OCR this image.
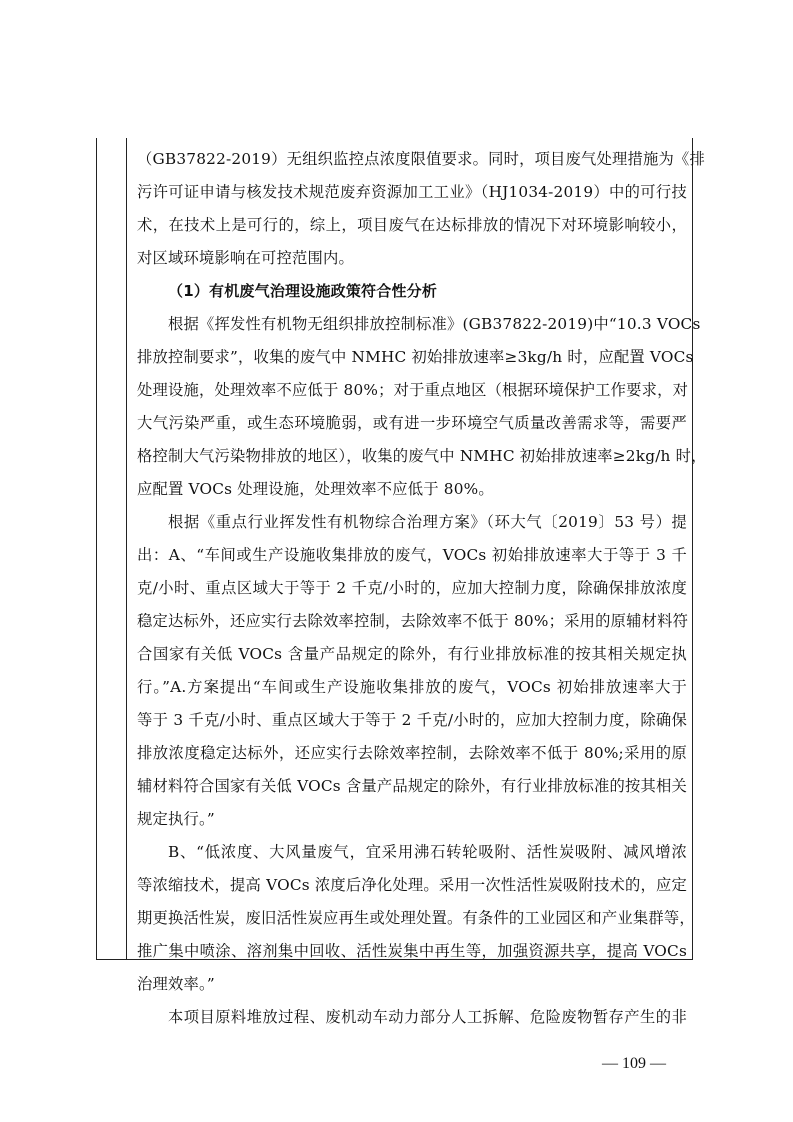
（GB37822-2019）无组织监控点浓度限值要求。同时，项目废气处理措施为《排
污许可证申请与核发技术规范废弃资源加工工业》（HJ1034-2019）中的可行技
术，在技术上是可行的，综上，项目废气在达标排放的情况下对环境影响较小，
对区域环境影响在可控范围内。
（1）有机废气治理设施政策符合性分析
根据《挥发性有机物无组织排放控制标准》(GB37822-2019)中“10.3 VOCs
排放控制要求”，收集的废气中 NMHC 初始排放速率≥3kg/h 时，应配置 VOCs
处理设施，处理效率不应低于 80%；对于重点地区（根据环境保护工作要求，对
大气污染严重，或生态环境脆弱，或有进一步环境空气质量改善需求等，需要严
格控制大气污染物排放的地区），收集的废气中 NMHC 初始排放速率≥2kg/h 时，
应配置 VOCs 处理设施，处理效率不应低于 80%。
根据《重点行业挥发性有机物综合治理方案》（环大气〔2019〕53 号）提
出：A、“车间或生产设施收集排放的废气，VOCs 初始排放速率大于等于 3 千
克/小时、重点区域大于等于 2 千克/小时的，应加大控制力度，除确保排放浓度
稳定达标外，还应实行去除效率控制，去除效率不低于 80%；采用的原辅材料符
合国家有关低 VOCs 含量产品规定的除外，有行业排放标准的按其相关规定执
行。”A.方案提出“车间或生产设施收集排放的废气，VOCs 初始排放速率大于
等于 3 千克/小时、重点区域大于等于 2 千克/小时的，应加大控制力度，除确保
排放浓度稳定达标外，还应实行去除效率控制，去除效率不低于 80%;采用的原
辅材料符合国家有关低 VOCs 含量产品规定的除外，有行业排放标准的按其相关
规定执行。”
B、“低浓度、大风量废气，宜采用沸石转轮吸附、活性炭吸附、减风增浓
等浓缩技术，提高 VOCs 浓度后净化处理。采用一次性活性炭吸附技术的，应定
期更换活性炭，废旧活性炭应再生或处理处置。有条件的工业园区和产业集群等，
推广集中喷涂、溶剂集中回收、活性炭集中再生等，加强资源共享，提高 VOCs
治理效率。”
本项目原料堆放过程、废机动车动力部分人工拆解、危险废物暂存产生的非
— 109 —
